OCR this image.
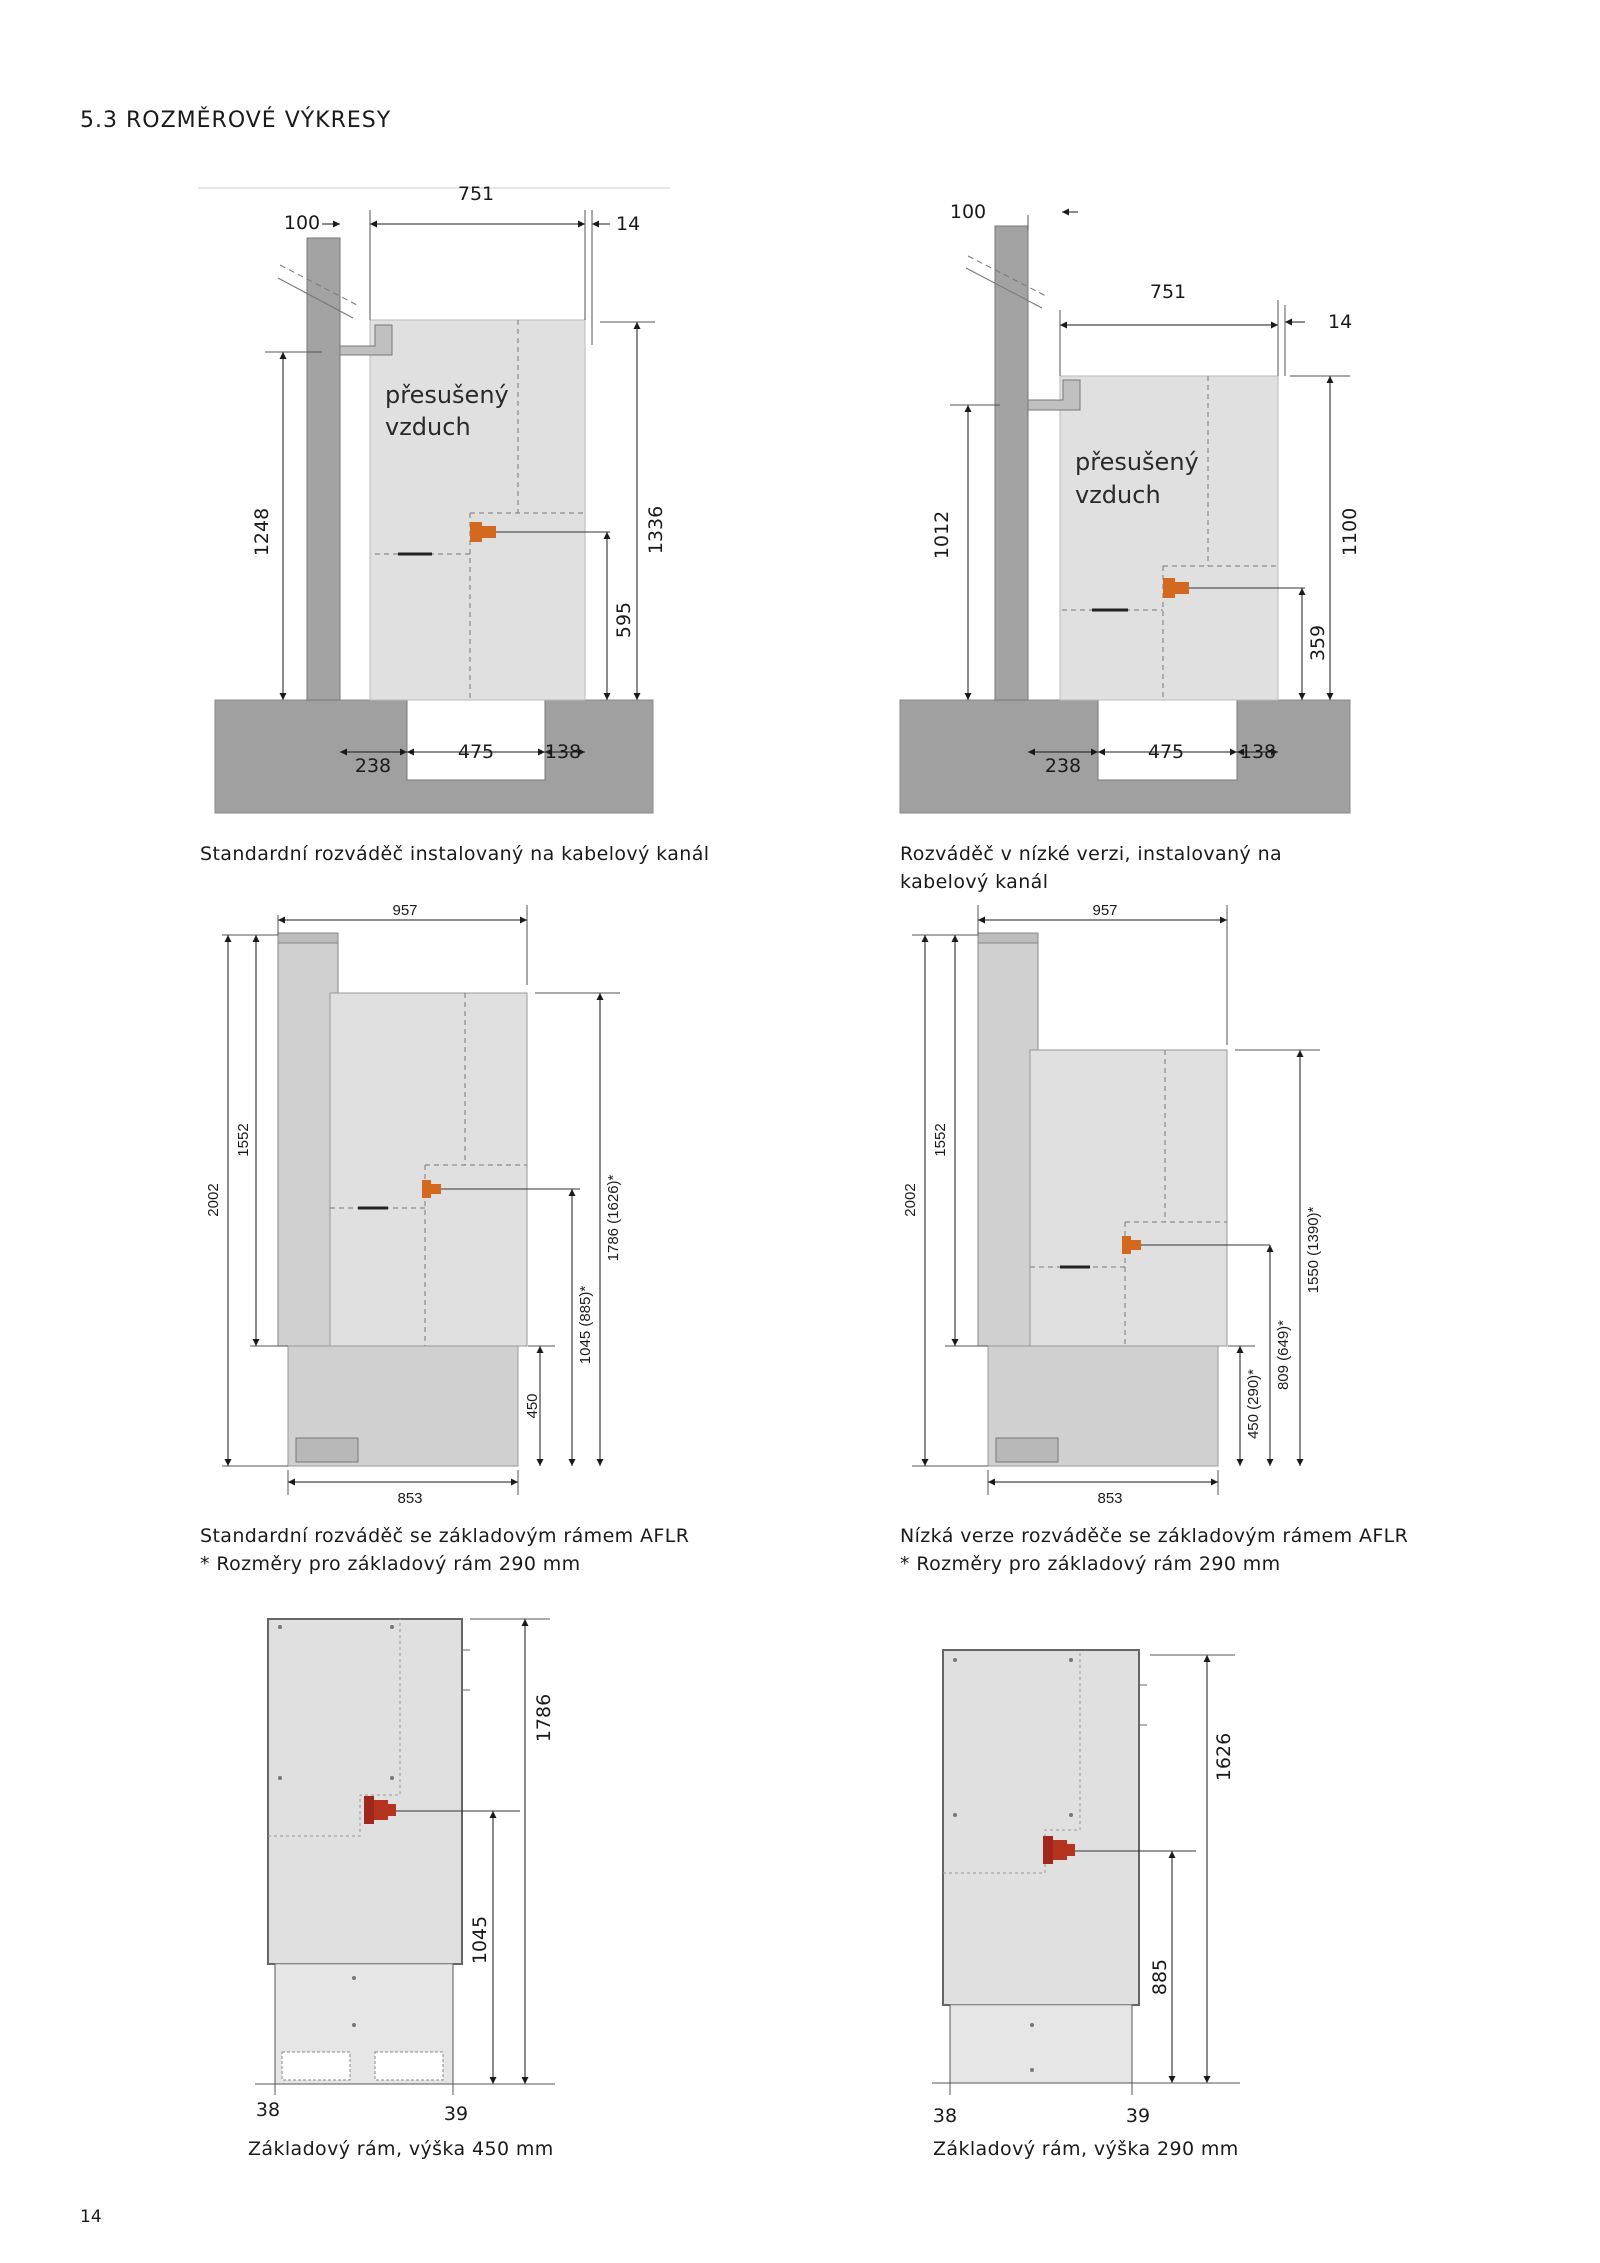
5.3 ROZMĚROVÉ VÝKRESY
přesušený
vzduch
751
100	14
1248	1336
595
238
475	138
přesušený
vzduch
100
751
14
1012	1100
359
238
475	138
957
2002
1552
1786 (1626)*
1045 (885)*
450
853
957
2002
1552
1550 (1390)*
809 (649)*
450 (290)*
853
1786
1045
38	39
1626
885
38	39
Standardní rozváděč instalovaný na kabelový kanál	Rozváděč v nízké verzi, instalovaný na
kabelový kanál
Standardní rozváděč se základovým rámem AFLR
* Rozměry pro základový rám 290 mm
Nízká verze rozváděče se základovým rámem AFLR
* Rozměry pro základový rám 290 mm
Základový rám, výška 450 mm	Základový rám, výška 290 mm
14
